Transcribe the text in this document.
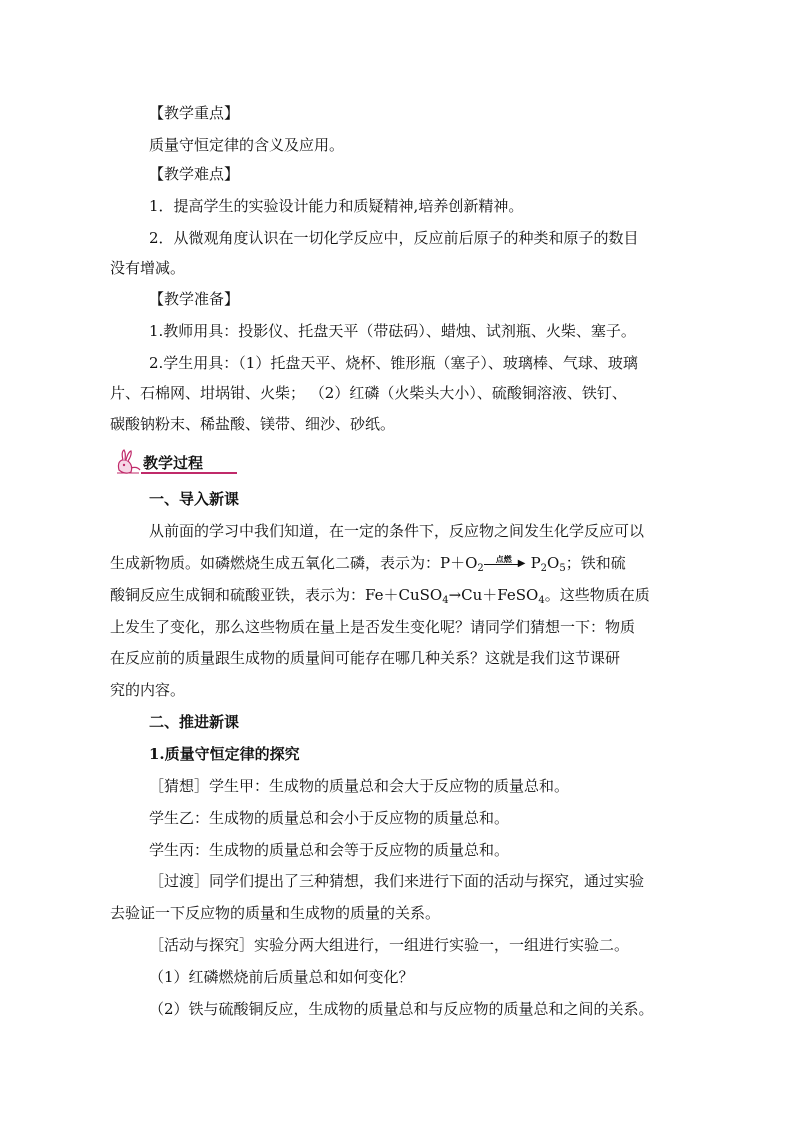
【教学重点】
质量守恒定律的含义及应用。
【教学难点】
1．提高学生的实验设计能力和质疑精神,培养创新精神。
2．从微观角度认识在一切化学反应中，反应前后原子的种类和原子的数目
没有增减。
【教学准备】
1.教师用具：投影仪、托盘天平（带砝码）、蜡烛、试剂瓶、火柴、塞子。
2.学生用具：（1）托盘天平、烧杯、锥形瓶（塞子）、玻璃棒、气球、玻璃
片、石棉网、坩埚钳、火柴； （2）红磷（火柴头大小）、硫酸铜溶液、铁钉、
碳酸钠粉末、稀盐酸、镁带、细沙、砂纸。
教学过程
一、导入新课
从前面的学习中我们知道，在一定的条件下，反应物之间发生化学反应可以
生成新物质。如磷燃烧生成五氧化二磷，表示为：$P+O_2$
点燃 ▶ $P_2O_5$；铁和硫
酸铜反应生成铜和硫酸亚铁，表示为：Fe＋CuSO$_4$→Cu＋FeSO$_4$。这些物质在质
上发生了变化，那么这些物质在量上是否发生变化呢？请同学们猜想一下：物质
在反应前的质量跟生成物的质量间可能存在哪几种关系？这就是我们这节课研
究的内容。
二、推进新课
1.质量守恒定律的探究
［猜想］学生甲：生成物的质量总和会大于反应物的质量总和。
学生乙：生成物的质量总和会小于反应物的质量总和。
学生丙：生成物的质量总和会等于反应物的质量总和。
［过渡］同学们提出了三种猜想，我们来进行下面的活动与探究，通过实验
去验证一下反应物的质量和生成物的质量的关系。
［活动与探究］实验分两大组进行，一组进行实验一，一组进行实验二。
（1）红磷燃烧前后质量总和如何变化？
（2）铁与硫酸铜反应，生成物的质量总和与反应物的质量总和之间的关系。
